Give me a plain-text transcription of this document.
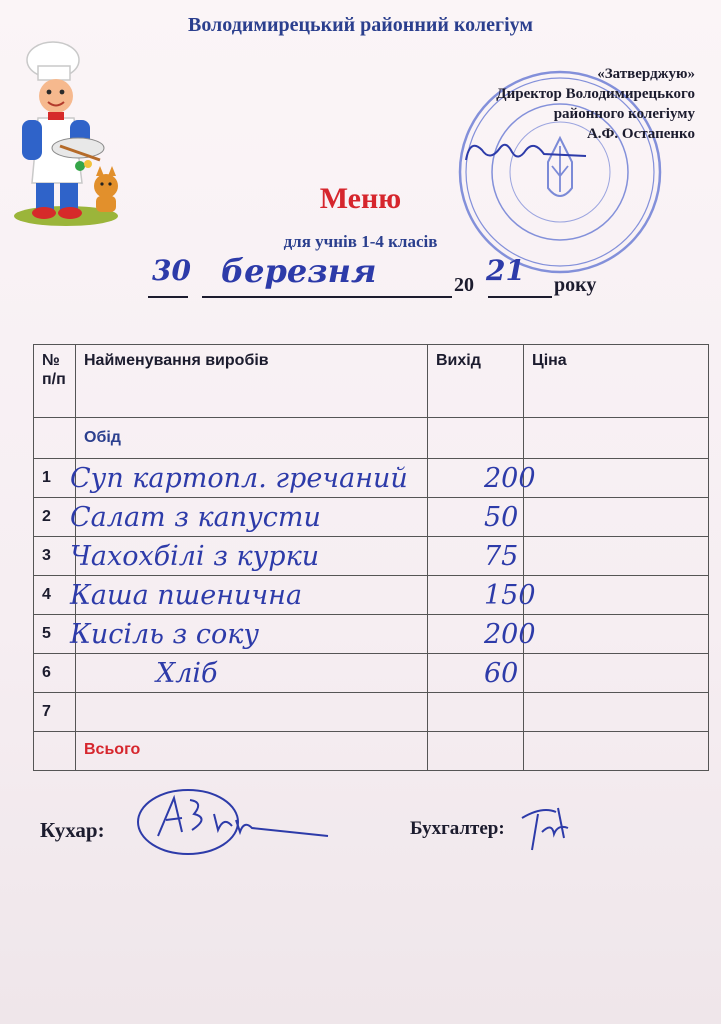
Володимирецький районний колегіум
«Затверджую»
Директор Володимирецького
районного колегіуму
А.Ф. Остапенко
Меню
для учнів 1-4 класів
30 березня	20 21 року
№ п/п	Найменування виробів	Вихід	Ціна
	Обід		
1	Суп картопл. гречаний	200	

2	Салат з капусти	50	

3	Чахохбілі з курки	75	

4	Каша пшенична	150	

5	Кисіль з соку	200	

6	Хліб	60	

7	

	Всього		
Кухар:	Бухгалтер:
